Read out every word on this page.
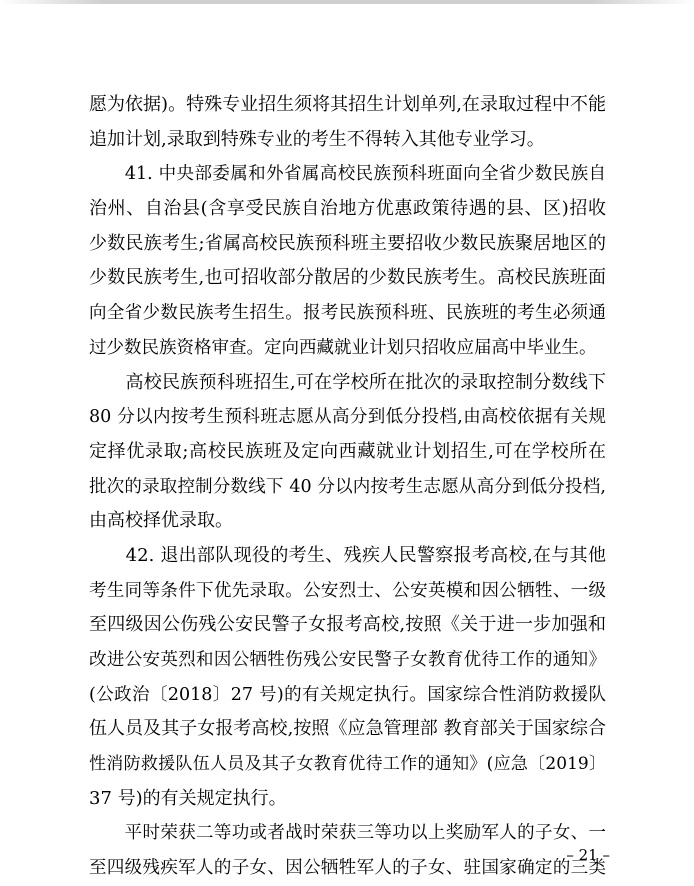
愿为依据)。特殊专业招生须将其招生计划单列,在录取过程中不能
追加计划,录取到特殊专业的考生不得转入其他专业学习。
　　41. 中央部委属和外省属高校民族预科班面向全省少数民族自
治州、自治县(含享受民族自治地方优惠政策待遇的县、区)招收
少数民族考生;省属高校民族预科班主要招收少数民族聚居地区的
少数民族考生,也可招收部分散居的少数民族考生。高校民族班面
向全省少数民族考生招生。报考民族预科班、民族班的考生必须通
过少数民族资格审查。定向西藏就业计划只招收应届高中毕业生。
　　高校民族预科班招生,可在学校所在批次的录取控制分数线下
80 分以内按考生预科班志愿从高分到低分投档,由高校依据有关规
定择优录取;高校民族班及定向西藏就业计划招生,可在学校所在
批次的录取控制分数线下 40 分以内按考生志愿从高分到低分投档,
由高校择优录取。
　　42. 退出部队现役的考生、残疾人民警察报考高校,在与其他
考生同等条件下优先录取。公安烈士、公安英模和因公牺牲、一级
至四级因公伤残公安民警子女报考高校,按照《关于进一步加强和
改进公安英烈和因公牺牲伤残公安民警子女教育优待工作的通知》
(公政治〔2018〕27 号)的有关规定执行。国家综合性消防救援队
伍人员及其子女报考高校,按照《应急管理部 教育部关于国家综合
性消防救援队伍人员及其子女教育优待工作的通知》(应急〔2019〕
37 号)的有关规定执行。
　　平时荣获二等功或者战时荣获三等功以上奖励军人的子女、一
至四级残疾军人的子女、因公牺牲军人的子女、驻国家确定的三类
– 21 –
